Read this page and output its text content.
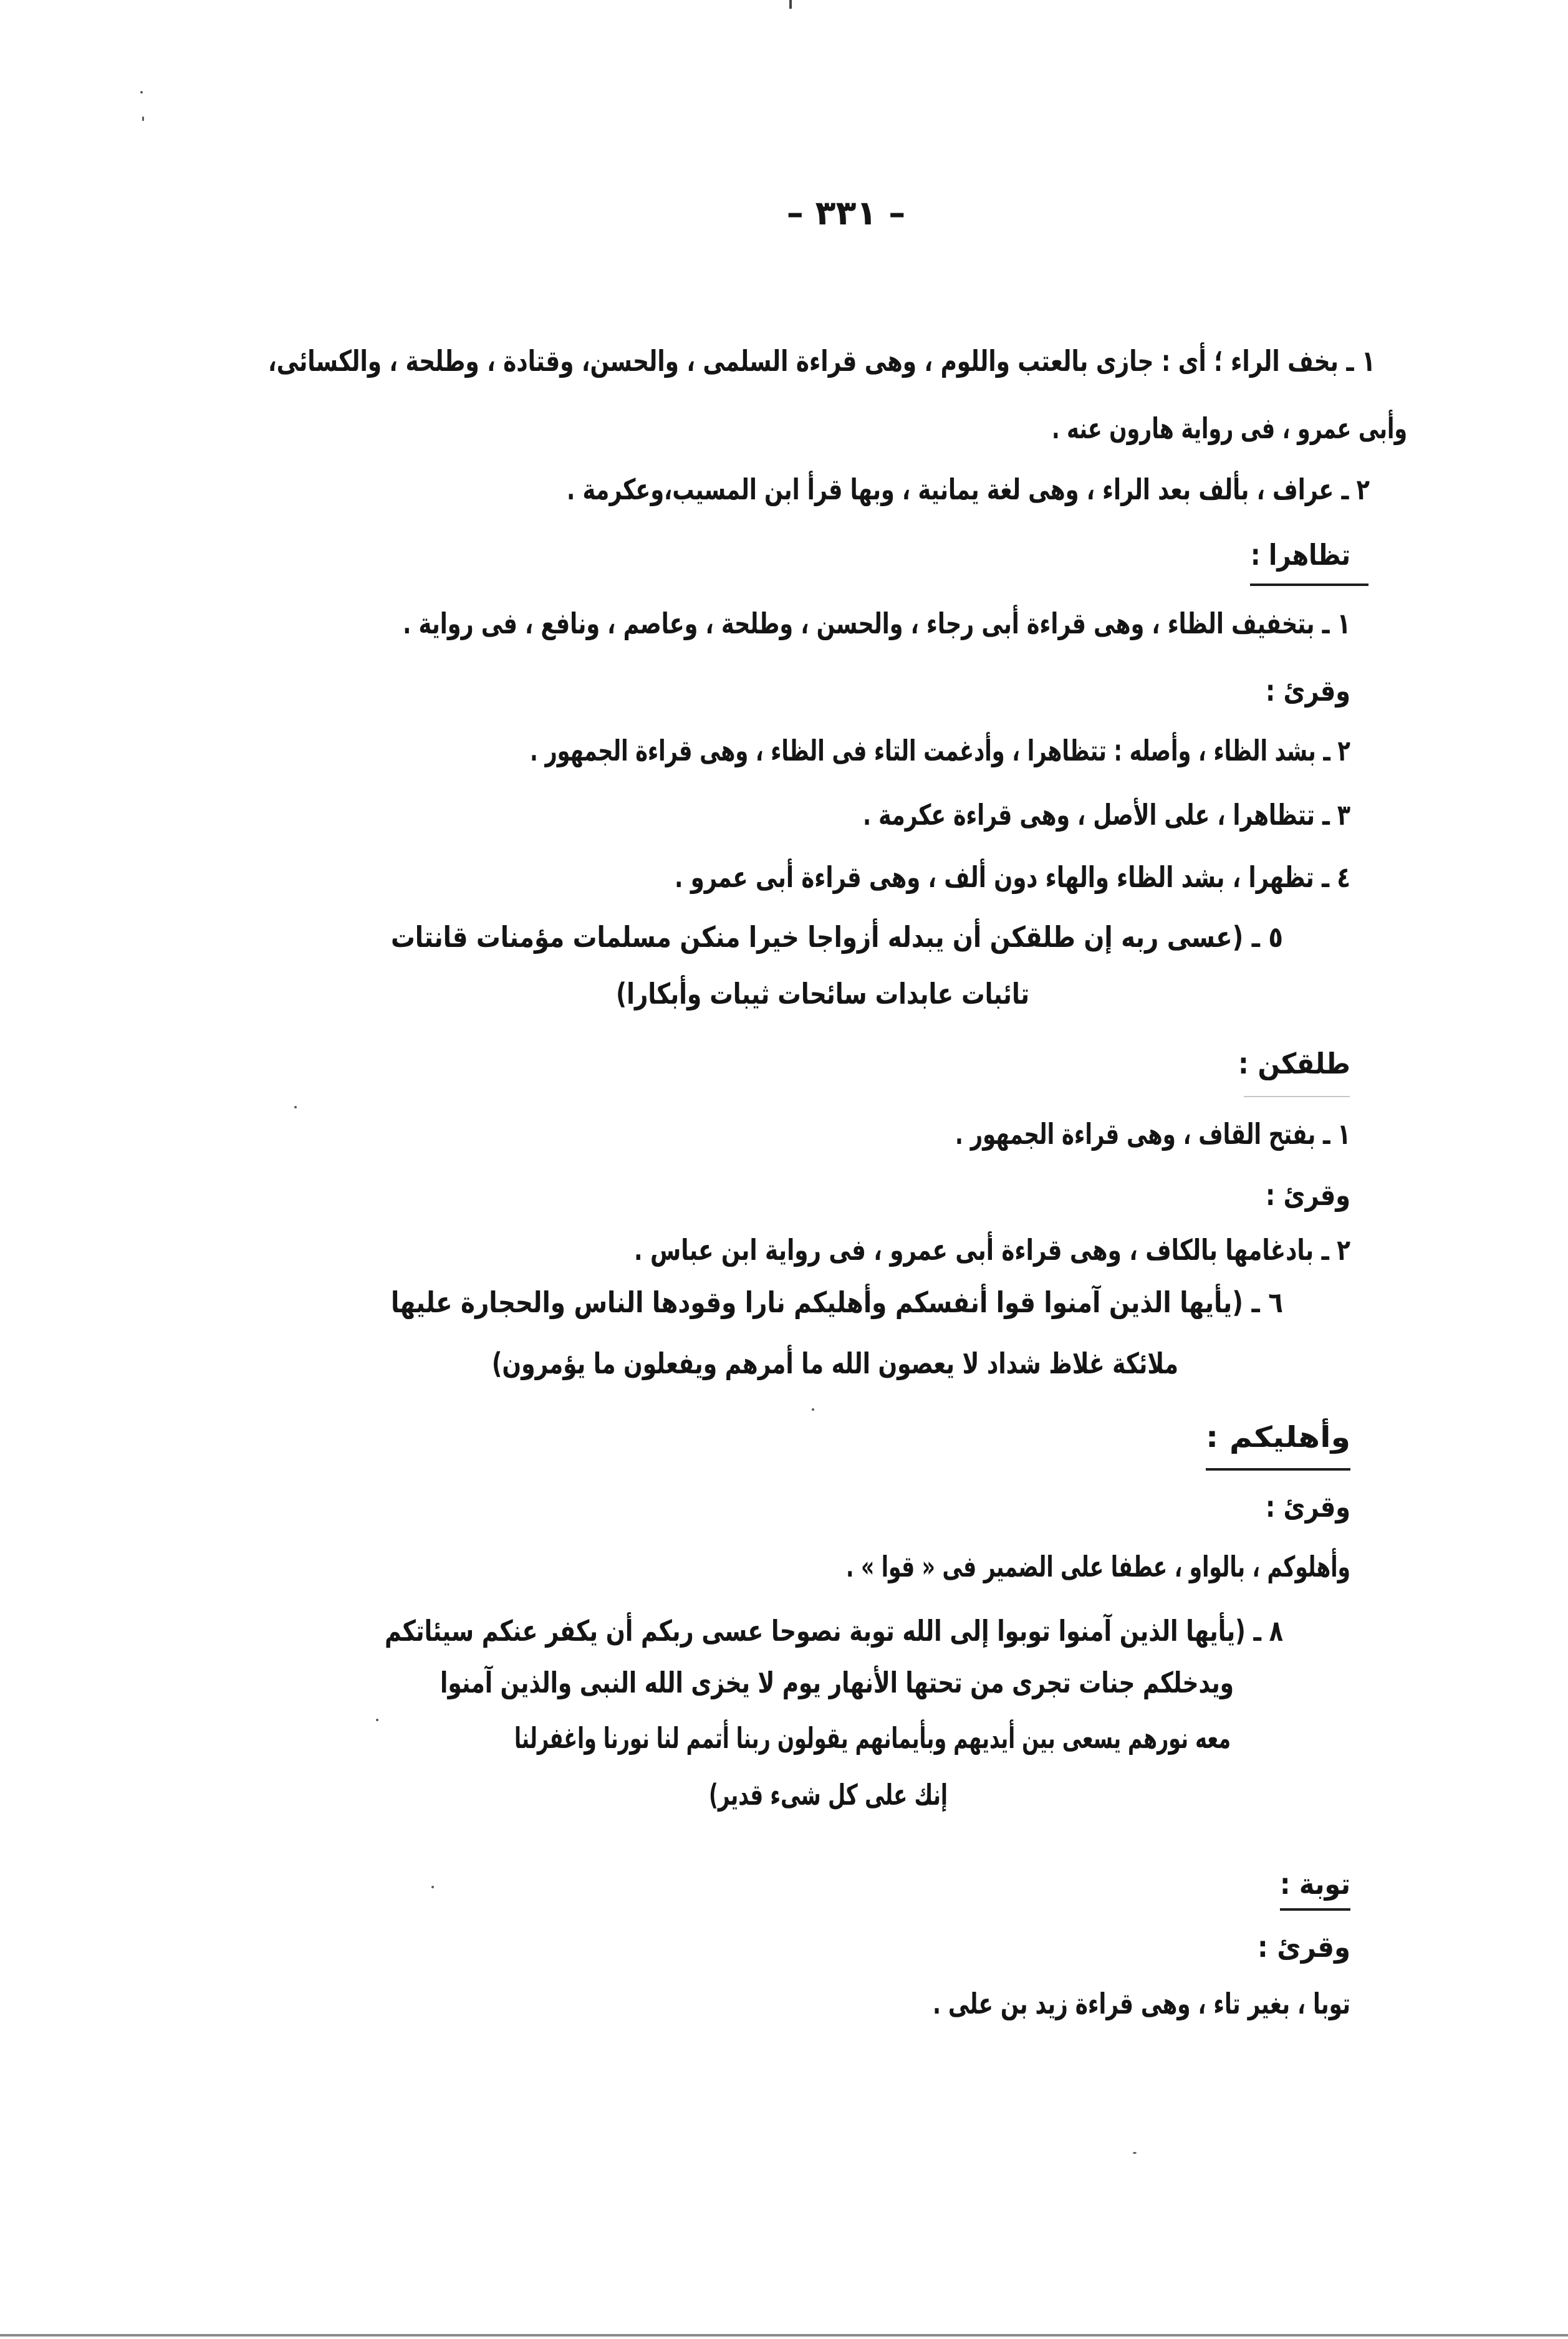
– ٣٣١ –
١ ـ بخف الراء ؛ أى : جازى بالعتب واللوم ، وهى قراءة السلمى ، والحسن، وقتادة ، وطلحة ، والكسائى،
وأبى عمرو ، فى رواية هارون عنه .
٢ ـ عراف ، بألف بعد الراء ، وهى لغة يمانية ، وبها قرأ ابن المسيب،وعكرمة .
تظاهرا :
١ ـ بتخفيف الظاء ، وهى قراءة أبى رجاء ، والحسن ، وطلحة ، وعاصم ، ونافع ، فى رواية .
وقرئ :
٢ ـ بشد الظاء ، وأصله : تتظاهرا ، وأدغمت التاء فى الظاء ، وهى قراءة الجمهور .
٣ ـ تتظاهرا ، على الأصل ، وهى قراءة عكرمة .
٤ ـ تظهرا ، بشد الظاء والهاء دون ألف ، وهى قراءة أبى عمرو .
٥ ـ (عسى ربه إن طلقكن أن يبدله أزواجا خيرا منكن مسلمات مؤمنات قانتات
تائبات عابدات سائحات ثيبات وأبكارا)
طلقكن :
١ ـ بفتح القاف ، وهى قراءة الجمهور .
وقرئ :
٢ ـ بادغامها بالكاف ، وهى قراءة أبى عمرو ، فى رواية ابن عباس .
٦ ـ (يأيها الذين آمنوا قوا أنفسكم وأهليكم نارا وقودها الناس والحجارة عليها
ملائكة غلاظ شداد لا يعصون الله ما أمرهم ويفعلون ما يؤمرون)
وأهليكم :
وقرئ :
وأهلوكم ، بالواو ، عطفا على الضمير فى « قوا » .
٨ ـ (يأيها الذين آمنوا توبوا إلى الله توبة نصوحا عسى ربكم أن يكفر عنكم سيئاتكم
ويدخلكم جنات تجرى من تحتها الأنهار يوم لا يخزى الله النبى والذين آمنوا
معه نورهم يسعى بين أيديهم وبأيمانهم يقولون ربنا أتمم لنا نورنا واغفرلنا
إنك على كل شىء قدير)
توبة :
وقرئ :
توبا ، بغير تاء ، وهى قراءة زيد بن على .
